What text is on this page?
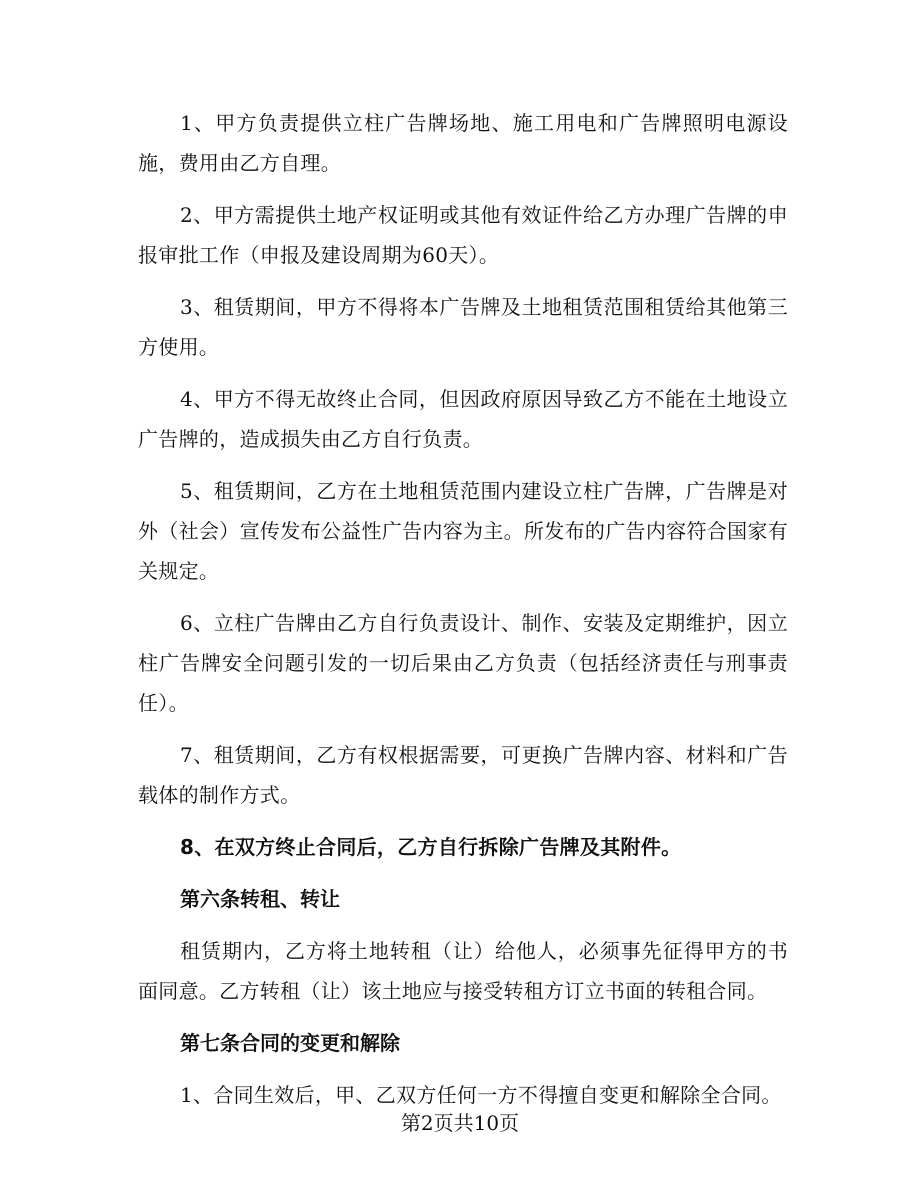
1、甲方负责提供立柱广告牌场地、施工用电和广告牌照明电源设施，费用由乙方自理。

2、甲方需提供土地产权证明或其他有效证件给乙方办理广告牌的申报审批工作（申报及建设周期为60天）。

3、租赁期间，甲方不得将本广告牌及土地租赁范围租赁给其他第三方使用。

4、甲方不得无故终止合同，但因政府原因导致乙方不能在土地设立广告牌的，造成损失由乙方自行负责。

5、租赁期间，乙方在土地租赁范围内建设立柱广告牌，广告牌是对外（社会）宣传发布公益性广告内容为主。所发布的广告内容符合国家有关规定。

6、立柱广告牌由乙方自行负责设计、制作、安装及定期维护，因立柱广告牌安全问题引发的一切后果由乙方负责（包括经济责任与刑事责任）。

7、租赁期间，乙方有权根据需要，可更换广告牌内容、材料和广告载体的制作方式。

8、在双方终止合同后，乙方自行拆除广告牌及其附件。

第六条转租、转让

租赁期内，乙方将土地转租（让）给他人，必须事先征得甲方的书面同意。乙方转租（让）该土地应与接受转租方订立书面的转租合同。

第七条合同的变更和解除

1、合同生效后，甲、乙双方任何一方不得擅自变更和解除全合同。

第2页共10页
